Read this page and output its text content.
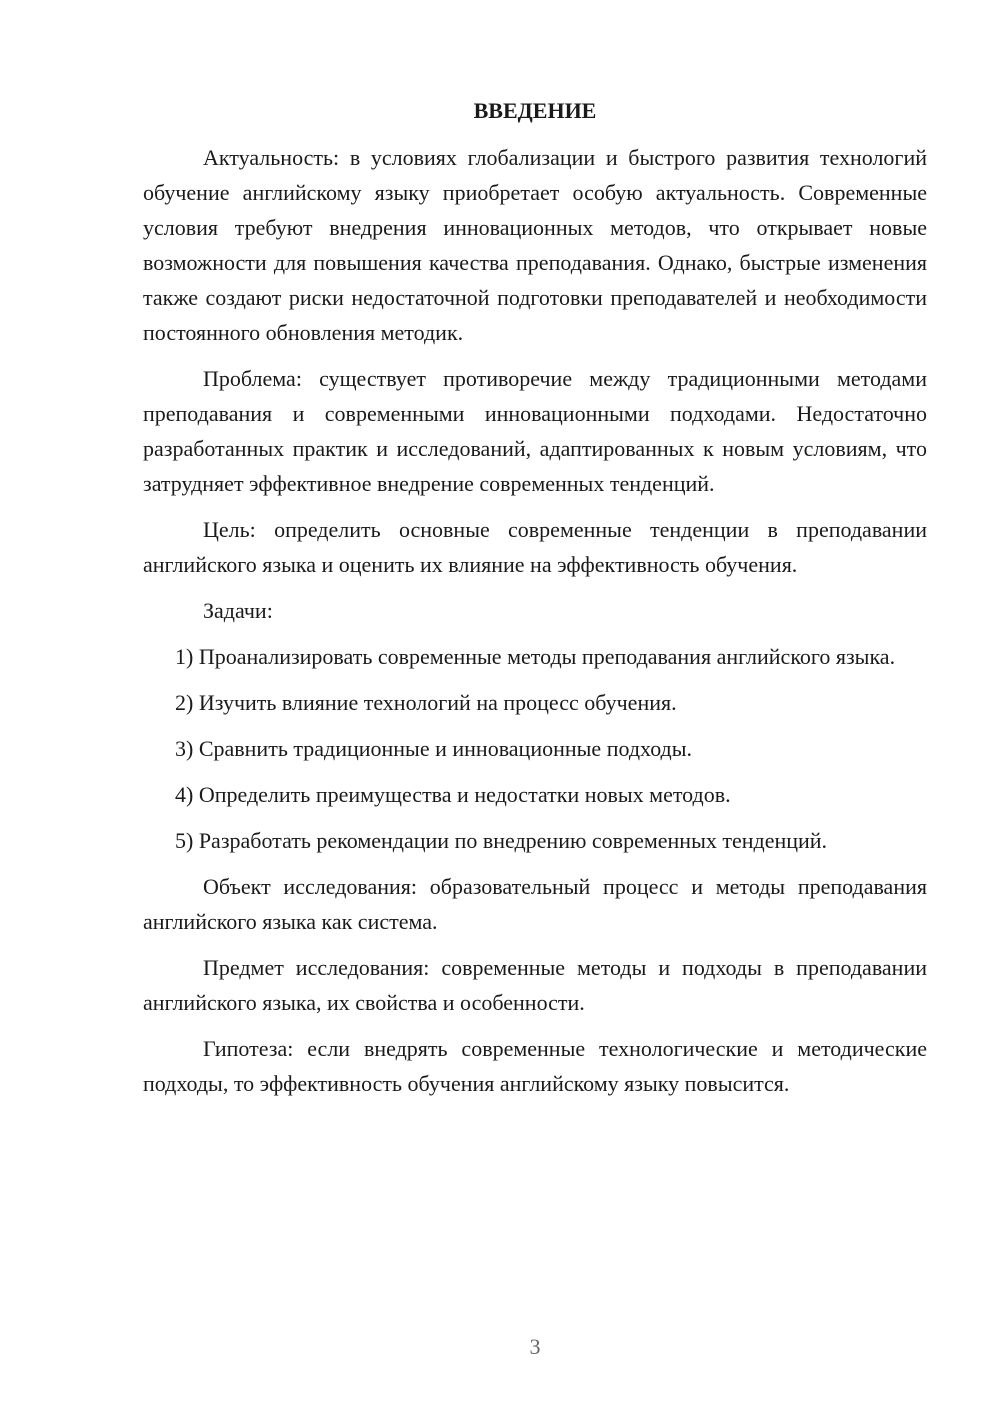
ВВЕДЕНИЕ

Актуальность: в условиях глобализации и быстрого развития технологий обучение английскому языку приобретает особую актуальность. Современные условия требуют внедрения инновационных методов, что открывает новые возможности для повышения качества преподавания. Однако, быстрые изменения также создают риски недостаточной подготовки преподавателей и необходимости постоянного обновления методик.

Проблема: существует противоречие между традиционными методами преподавания и современными инновационными подходами. Недостаточно разработанных практик и исследований, адаптированных к новым условиям, что затрудняет эффективное внедрение современных тенденций.

Цель: определить основные современные тенденции в преподавании английского языка и оценить их влияние на эффективность обучения.

Задачи:

1) Проанализировать современные методы преподавания английского языка.

2) Изучить влияние технологий на процесс обучения.

3) Сравнить традиционные и инновационные подходы.

4) Определить преимущества и недостатки новых методов.

5) Разработать рекомендации по внедрению современных тенденций.

Объект исследования: образовательный процесс и методы преподавания английского языка как система.

Предмет исследования: современные методы и подходы в преподавании английского языка, их свойства и особенности.

Гипотеза: если внедрять современные технологические и методические подходы, то эффективность обучения английскому языку повысится.

3
